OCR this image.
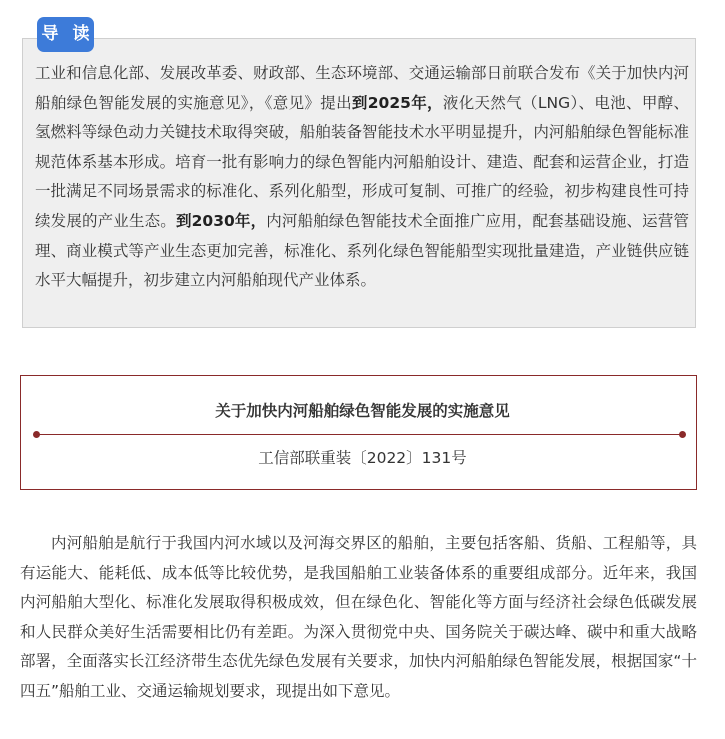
导 读

工业和信息化部、发展改革委、财政部、生态环境部、交通运输部日前联合发布《关于加快内河船舶绿色智能发展的实施意见》，《意见》提出到2025年，液化天然气（LNG）、电池、甲醇、氢燃料等绿色动力关键技术取得突破，船舶装备智能技术水平明显提升，内河船舶绿色智能标准规范体系基本形成。培育一批有影响力的绿色智能内河船舶设计、建造、配套和运营企业，打造一批满足不同场景需求的标准化、系列化船型，形成可复制、可推广的经验，初步构建良性可持续发展的产业生态。到2030年，内河船舶绿色智能技术全面推广应用，配套基础设施、运营管理、商业模式等产业生态更加完善，标准化、系列化绿色智能船型实现批量建造，产业链供应链水平大幅提升，初步建立内河船舶现代产业体系。

关于加快内河船舶绿色智能发展的实施意见

工信部联重装〔2022〕131号

内河船舶是航行于我国内河水域以及河海交界区的船舶，主要包括客船、货船、工程船等，具有运能大、能耗低、成本低等比较优势，是我国船舶工业装备体系的重要组成部分。近年来，我国内河船舶大型化、标准化发展取得积极成效，但在绿色化、智能化等方面与经济社会绿色低碳发展和人民群众美好生活需要相比仍有差距。为深入贯彻党中央、国务院关于碳达峰、碳中和重大战略部署，全面落实长江经济带生态优先绿色发展有关要求，加快内河船舶绿色智能发展，根据国家“十四五”船舶工业、交通运输规划要求，现提出如下意见。
